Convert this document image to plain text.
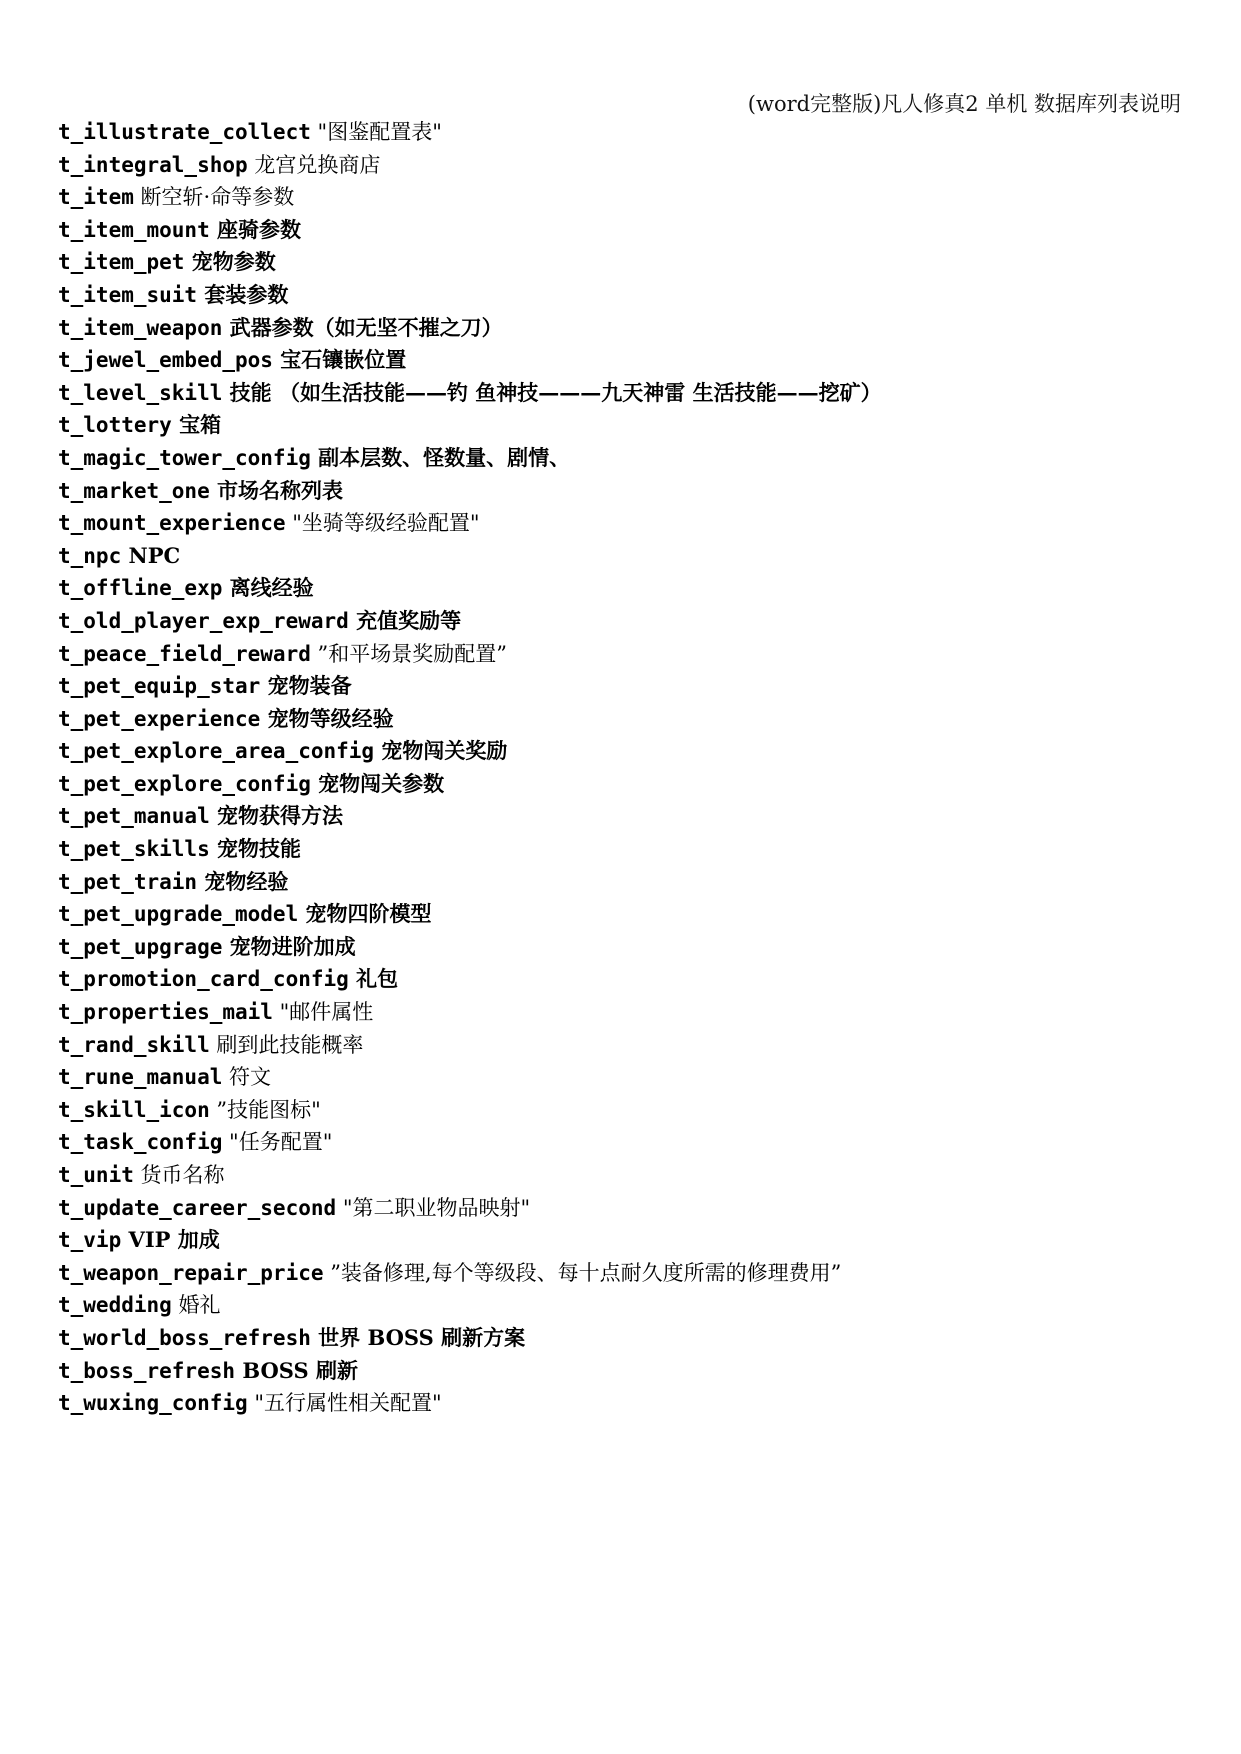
(word完整版)凡人修真2 单机 数据库列表说明
t_illustrate_collect "图鉴配置表"
t_integral_shop 龙宫兑换商店
t_item 断空斩·命等参数
t_item_mount 座骑参数
t_item_pet 宠物参数
t_item_suit 套装参数
t_item_weapon 武器参数（如无坚不摧之刀）
t_jewel_embed_pos 宝石镶嵌位置
t_level_skill 技能 （如生活技能——钓 鱼神技———九天神雷 生活技能——挖矿）
t_lottery 宝箱
t_magic_tower_config 副本层数、怪数量、剧情、
t_market_one 市场名称列表
t_mount_experience "坐骑等级经验配置"
t_npc NPC
t_offline_exp 离线经验
t_old_player_exp_reward 充值奖励等
t_peace_field_reward ”和平场景奖励配置”
t_pet_equip_star 宠物装备
t_pet_experience 宠物等级经验
t_pet_explore_area_config 宠物闯关奖励
t_pet_explore_config 宠物闯关参数
t_pet_manual 宠物获得方法
t_pet_skills 宠物技能
t_pet_train 宠物经验
t_pet_upgrade_model 宠物四阶模型
t_pet_upgrage 宠物进阶加成
t_promotion_card_config 礼包
t_properties_mail "邮件属性
t_rand_skill 刷到此技能概率
t_rune_manual 符文
t_skill_icon ”技能图标"
t_task_config "任务配置"
t_unit 货币名称
t_update_career_second "第二职业物品映射"
t_vip VIP 加成
t_weapon_repair_price ”装备修理,每个等级段、每十点耐久度所需的修理费用”
t_wedding 婚礼
t_world_boss_refresh 世界 BOSS 刷新方案
t_boss_refresh BOSS 刷新
t_wuxing_config "五行属性相关配置"
